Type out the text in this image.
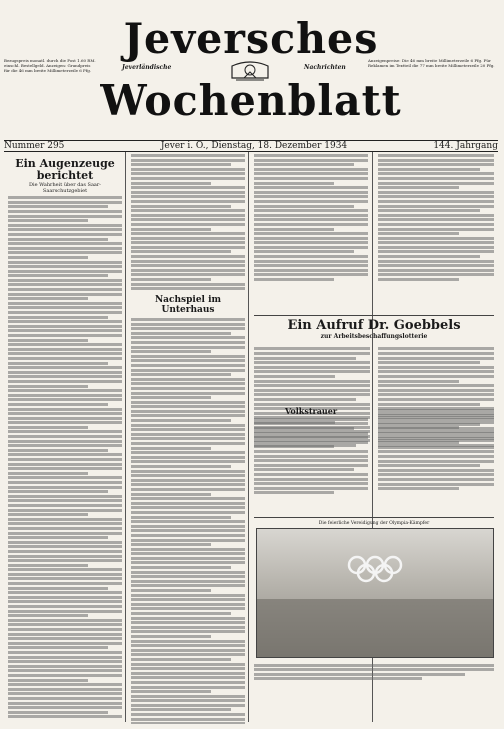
Jeversches Wochenblatt
Bezugspreis monatl. durch die Post 1.60 RM. einschl. Bestellgeld. Anzeigen: Grundpreis für die 46 mm breite Millimeterzeile 6 Pfg.	Jeverländische	Nachrichten
Anzeigenpreise: Die 46 mm breite Millimeterzeile 6 Pfg. Für Reklamen im Textteil die 77 mm breite Millimeterzeile 20 Pfg.
Nummer 295	Jever i. O., Dienstag, 18. Dezember 1934	144. Jahrgang
Ein Augenzeuge berichtet
Die Wahrheit über das Saar-Saarschutzgebiet
Nachspiel im Unterhaus
Ein Aufruf Dr. Goebbels
zur Arbeitsbeschaffungslotterie
Volkstrauer
Die feierliche Vereidigung der Olympia-Kämpfer
